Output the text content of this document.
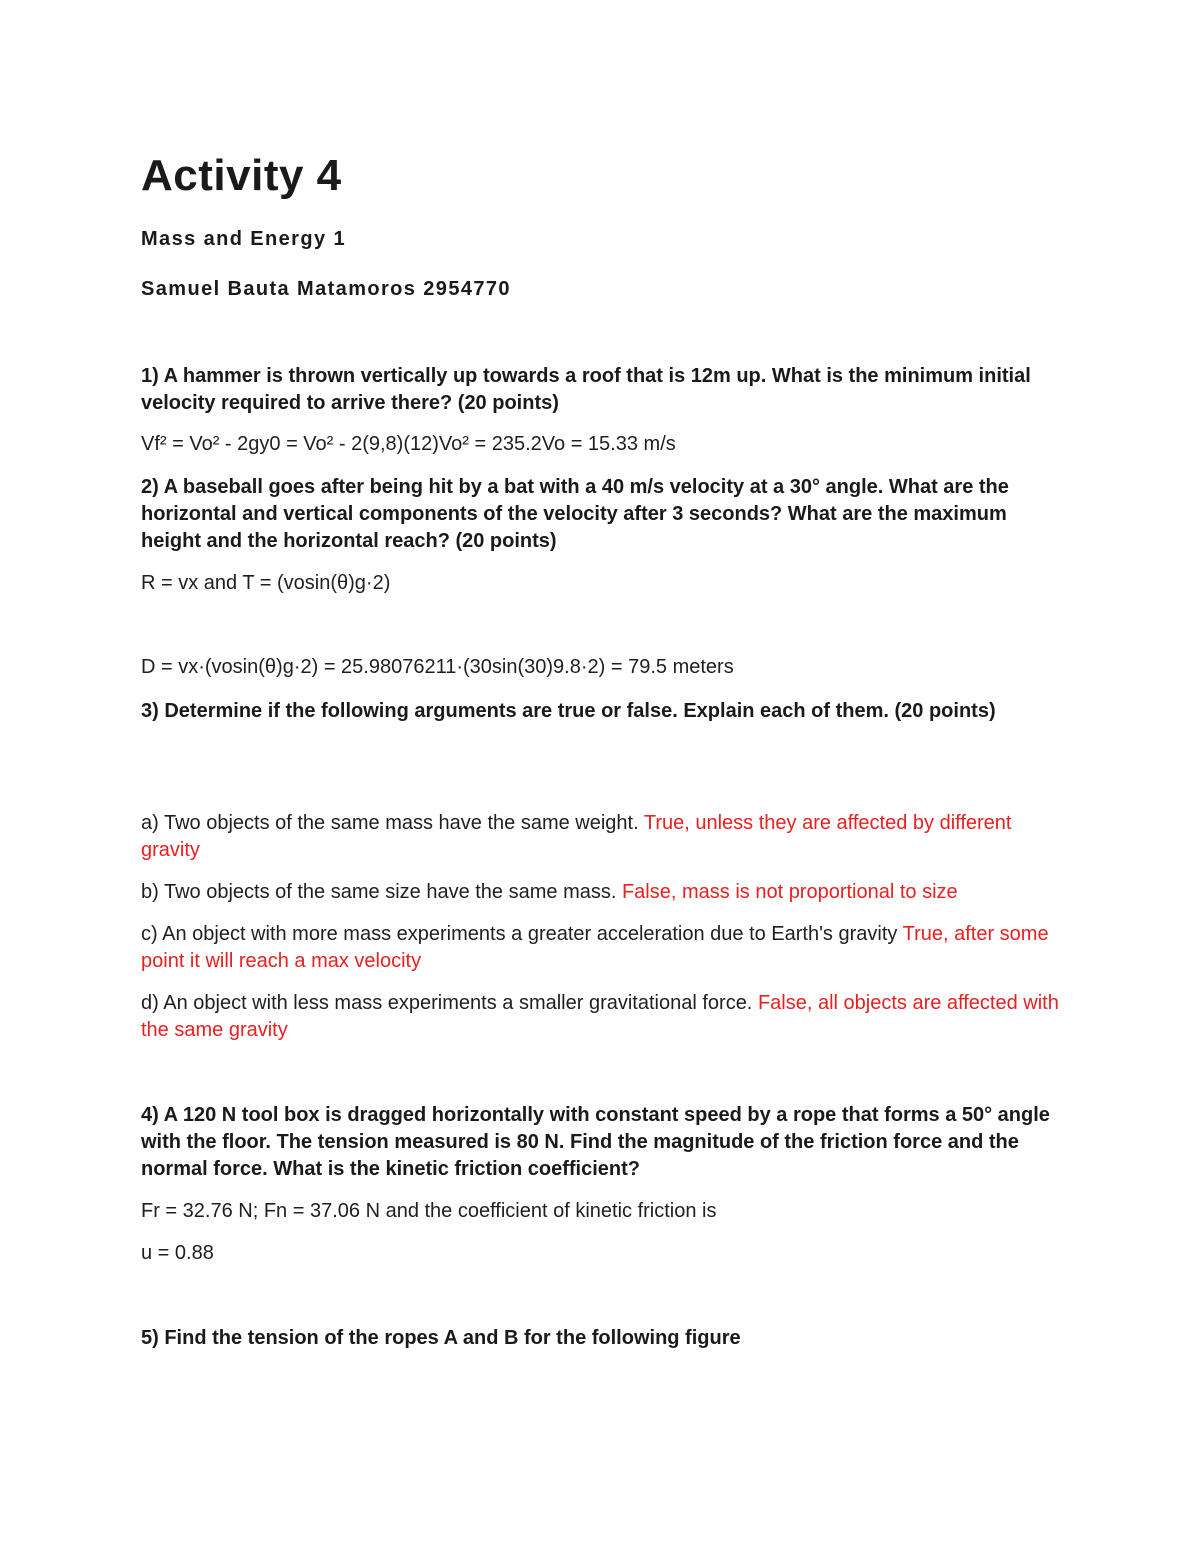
Activity 4

Mass and Energy 1

Samuel Bauta Matamoros 2954770

1) A hammer is thrown vertically up towards a roof that is 12m up. What is the minimum initial velocity required to arrive there? (20 points)

Vf² = Vo² - 2gy0 = Vo² - 2(9,8)(12)Vo² = 235.2Vo = 15.33 m/s

2) A baseball goes after being hit by a bat with a 40 m/s velocity at a 30° angle. What are the horizontal and vertical components of the velocity after 3 seconds? What are the maximum height and the horizontal reach? (20 points)

R = vx and T = (vosin(θ)g·2)

D = vx·(vosin(θ)g·2) = 25.98076211·(30sin(30)9.8·2) = 79.5 meters

3) Determine if the following arguments are true or false. Explain each of them. (20 points)

a) Two objects of the same mass have the same weight. True, unless they are affected by different gravity

b) Two objects of the same size have the same mass. False, mass is not proportional to size

c) An object with more mass experiments a greater acceleration due to Earth's gravity True, after some point it will reach a max velocity

d) An object with less mass experiments a smaller gravitational force. False, all objects are affected with the same gravity

4) A 120 N tool box is dragged horizontally with constant speed by a rope that forms a 50° angle with the floor. The tension measured is 80 N. Find the magnitude of the friction force and the normal force. What is the kinetic friction coefficient?

Fr = 32.76 N; Fn = 37.06 N and the coefficient of kinetic friction is

u = 0.88

5) Find the tension of the ropes A and B for the following figure
